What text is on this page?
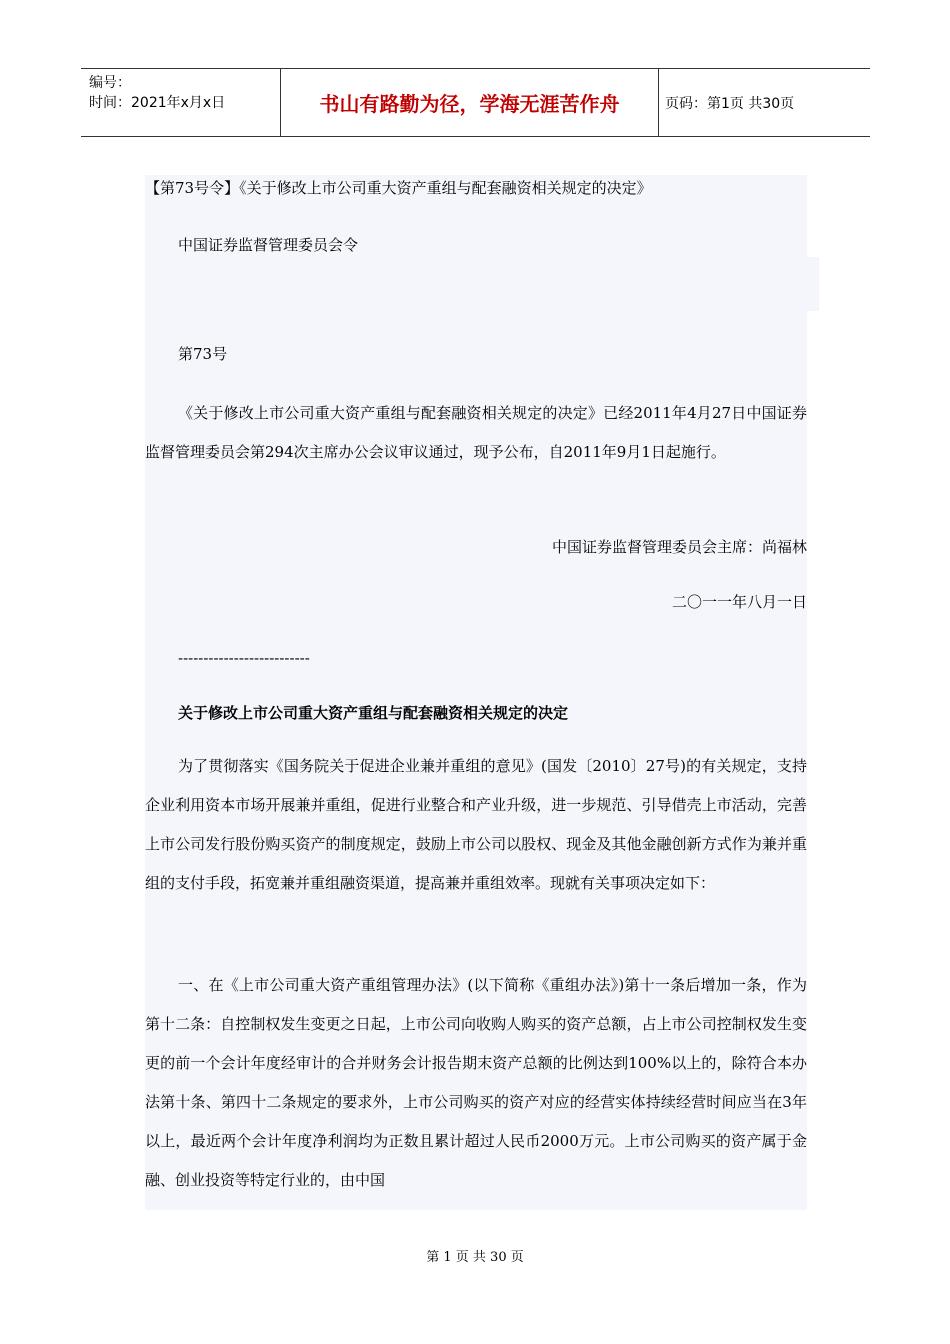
编号：
时间：2021年x月x日	书山有路勤为径，学海无涯苦作舟	页码：第1页 共30页

【第73号令】《关于修改上市公司重大资产重组与配套融资相关规定的决定》

中国证券监督管理委员会令

第73号

《关于修改上市公司重大资产重组与配套融资相关规定的决定》已经2011年4月27日中国证券监督管理委员会第294次主席办公会议审议通过，现予公布，自2011年9月1日起施行。

中国证券监督管理委员会主席：尚福林

二〇一一年八月一日

--------------------------

关于修改上市公司重大资产重组与配套融资相关规定的决定

为了贯彻落实《国务院关于促进企业兼并重组的意见》(国发〔2010〕27号)的有关规定，支持企业利用资本市场开展兼并重组，促进行业整合和产业升级，进一步规范、引导借壳上市活动，完善上市公司发行股份购买资产的制度规定，鼓励上市公司以股权、现金及其他金融创新方式作为兼并重组的支付手段，拓宽兼并重组融资渠道，提高兼并重组效率。现就有关事项决定如下：

一、在《上市公司重大资产重组管理办法》(以下简称《重组办法》)第十一条后增加一条，作为第十二条：自控制权发生变更之日起，上市公司向收购人购买的资产总额，占上市公司控制权发生变更的前一个会计年度经审计的合并财务会计报告期末资产总额的比例达到100%以上的，除符合本办法第十条、第四十二条规定的要求外，上市公司购买的资产对应的经营实体持续经营时间应当在3年以上，最近两个会计年度净利润均为正数且累计超过人民币2000万元。上市公司购买的资产属于金融、创业投资等特定行业的，由中国

第 1 页 共 30 页
